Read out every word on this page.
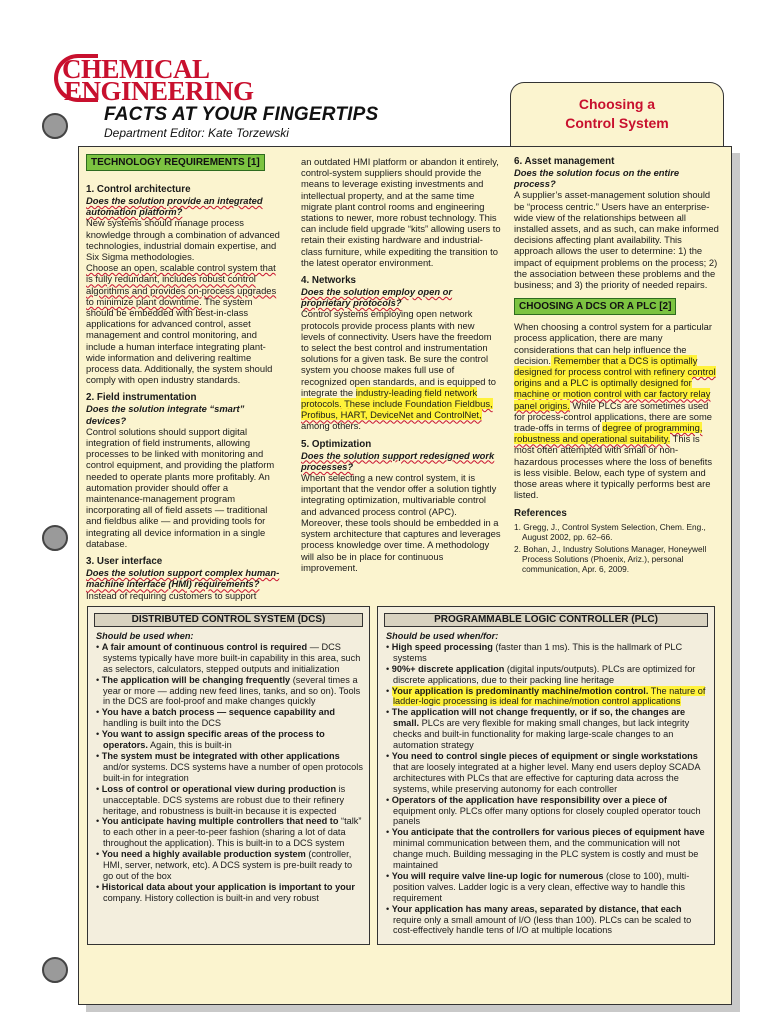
CHEMICAL
ENGINEERING
FACTS AT YOUR FINGERTIPS
Department Editor: Kate Torzewski
Choosing a
Control System
TECHNOLOGY REQUIREMENTS [1]
1. Control architecture

Does the solution provide an integrated automation platform?

New systems should manage process knowledge through a combination of advanced technologies, industrial domain expertise, and Six Sigma methodologies.

Choose an open, scalable control system that is fully redundant, includes robust control algorithms and provides on-process upgrades to minimize plant downtime. The system should be embedded with best-in-class applications for advanced control, asset management and control monitoring, and include a human interface integrating plant-wide information and delivering realtime process data. Additionally, the system should comply with open industry standards.

2. Field instrumentation

Does the solution integrate “smart” devices?

Control solutions should support digital integration of field instruments, allowing processes to be linked with monitoring and control equipment, and providing the platform needed to operate plants more profitably. An automation provider should offer a maintenance-management program incorporating all of field assets — traditional and fieldbus alike — and providing tools for integrating all device information in a single database.

3. User interface

Does the solution support complex human-machine interface (HMI) requirements?

Instead of requiring customers to support

an outdated HMI platform or abandon it entirely, control-system suppliers should provide the means to leverage existing investments and intellectual property, and at the same time migrate plant control rooms and engineering stations to newer, more robust technology. This can include field upgrade “kits” allowing users to retain their existing hardware and industrial-class furniture, while expediting the transition to the latest operator environment.

4. Networks

Does the solution employ open or proprietary protocols?

Control systems employing open network protocols provide process plants with new levels of connectivity. Users have the freedom to select the best control and instrumentation solutions for a given task. Be sure the control system you choose makes full use of recognized open standards, and is equipped to integrate the industry-leading field network protocols. These include Foundation Fieldbus, Profibus, HART, DeviceNet and ControlNet, among others.

5. Optimization

Does the solution support redesigned work processes?

When selecting a new control system, it is important that the vendor offer a solution tightly integrating optimization, multivariable control and advanced process control (APC). Moreover, these tools should be embedded in a system architecture that captures and leverages process knowledge over time. A methodology will also be in place for continuous improvement.

6. Asset management

Does the solution focus on the entire process?

A supplier’s asset-management solution should be “process centric.” Users have an enterprise-wide view of the relationships between all installed assets, and as such, can make informed decisions affecting plant availability. This approach allows the user to determine: 1) the impact of equipment problems on the process; 2) the association between these problems and the business; and 3) the priority of needed repairs.

CHOOSING A DCS OR A PLC [2]

When choosing a control system for a particular process application, there are many considerations that can help influence the decision. Remember that a DCS is optimally designed for process control with refinery control origins and a PLC is optimally designed for machine or motion control with car factory relay panel origins. While PLCs are sometimes used for process-control applications, there are some trade-offs in terms of degree of programming, robustness and operational suitability. This is most often attempted with small or non-hazardous processes where the loss of benefits is less visible. Below, each type of system and those areas where it typically performs best are listed.

References

1. Gregg, J., Control System Selection, Chem. Eng., August 2002, pp. 62–66.

2. Bohan, J., Industry Solutions Manager, Honeywell Process Solutions (Phoenix, Ariz.), personal communication, Apr. 6, 2009.

DISTRIBUTED CONTROL SYSTEM (DCS)
Should be used when:
• A fair amount of continuous control is required — DCS systems typically have more built-in capability in this area, such as selectors, calculators, stepped outputs and initialization
• The application will be changing frequently (several times a year or more — adding new feed lines, tanks, and so on). Tools in the DCS are fool-proof and make changes quickly
• You have a batch process — sequence capability and handling is built into the DCS
• You want to assign specific areas of the process to operators. Again, this is built-in
• The system must be integrated with other applications and/or systems. DCS systems have a number of open protocols built-in for integration
• Loss of control or operational view during production is unacceptable. DCS systems are robust due to their refinery heritage, and robustness is built-in because it is expected
• You anticipate having multiple controllers that need to “talk” to each other in a peer-to-peer fashion (sharing a lot of data throughout the application). This is built-in to a DCS system
• You need a highly available production system (controller, HMI, server, network, etc). A DCS system is pre-built ready to go out of the box
• Historical data about your application is important to your company. History collection is built-in and very robust
PROGRAMMABLE LOGIC CONTROLLER (PLC)
Should be used when/for:
• High speed processing (faster than 1 ms). This is the hallmark of PLC systems
• 90%+ discrete application (digital inputs/outputs). PLCs are optimized for discrete applications, due to their packing line heritage
• Your application is predominantly machine/motion control. The nature of ladder-logic processing is ideal for machine/motion control applications
• The application will not change frequently, or if so, the changes are small. PLCs are very flexible for making small changes, but lack integrity checks and built-in functionality for making large-scale changes to an automation strategy
• You need to control single pieces of equipment or single workstations that are loosely integrated at a higher level. Many end users deploy SCADA architectures with PLCs that are effective for capturing data across the systems, while preserving autonomy for each controller
• Operators of the application have responsibility over a piece of equipment only. PLCs offer many options for closely coupled operator touch panels
• You anticipate that the controllers for various pieces of equipment have minimal communication between them, and the communication will not change much. Building messaging in the PLC system is costly and must be maintained
• You will require valve line-up logic for numerous (close to 100), multi-position valves. Ladder logic is a very clean, effective way to handle this requirement
• Your application has many areas, separated by distance, that each require only a small amount of I/O (less than 100). PLCs can be scaled to cost-effectively handle tens of I/O at multiple locations
